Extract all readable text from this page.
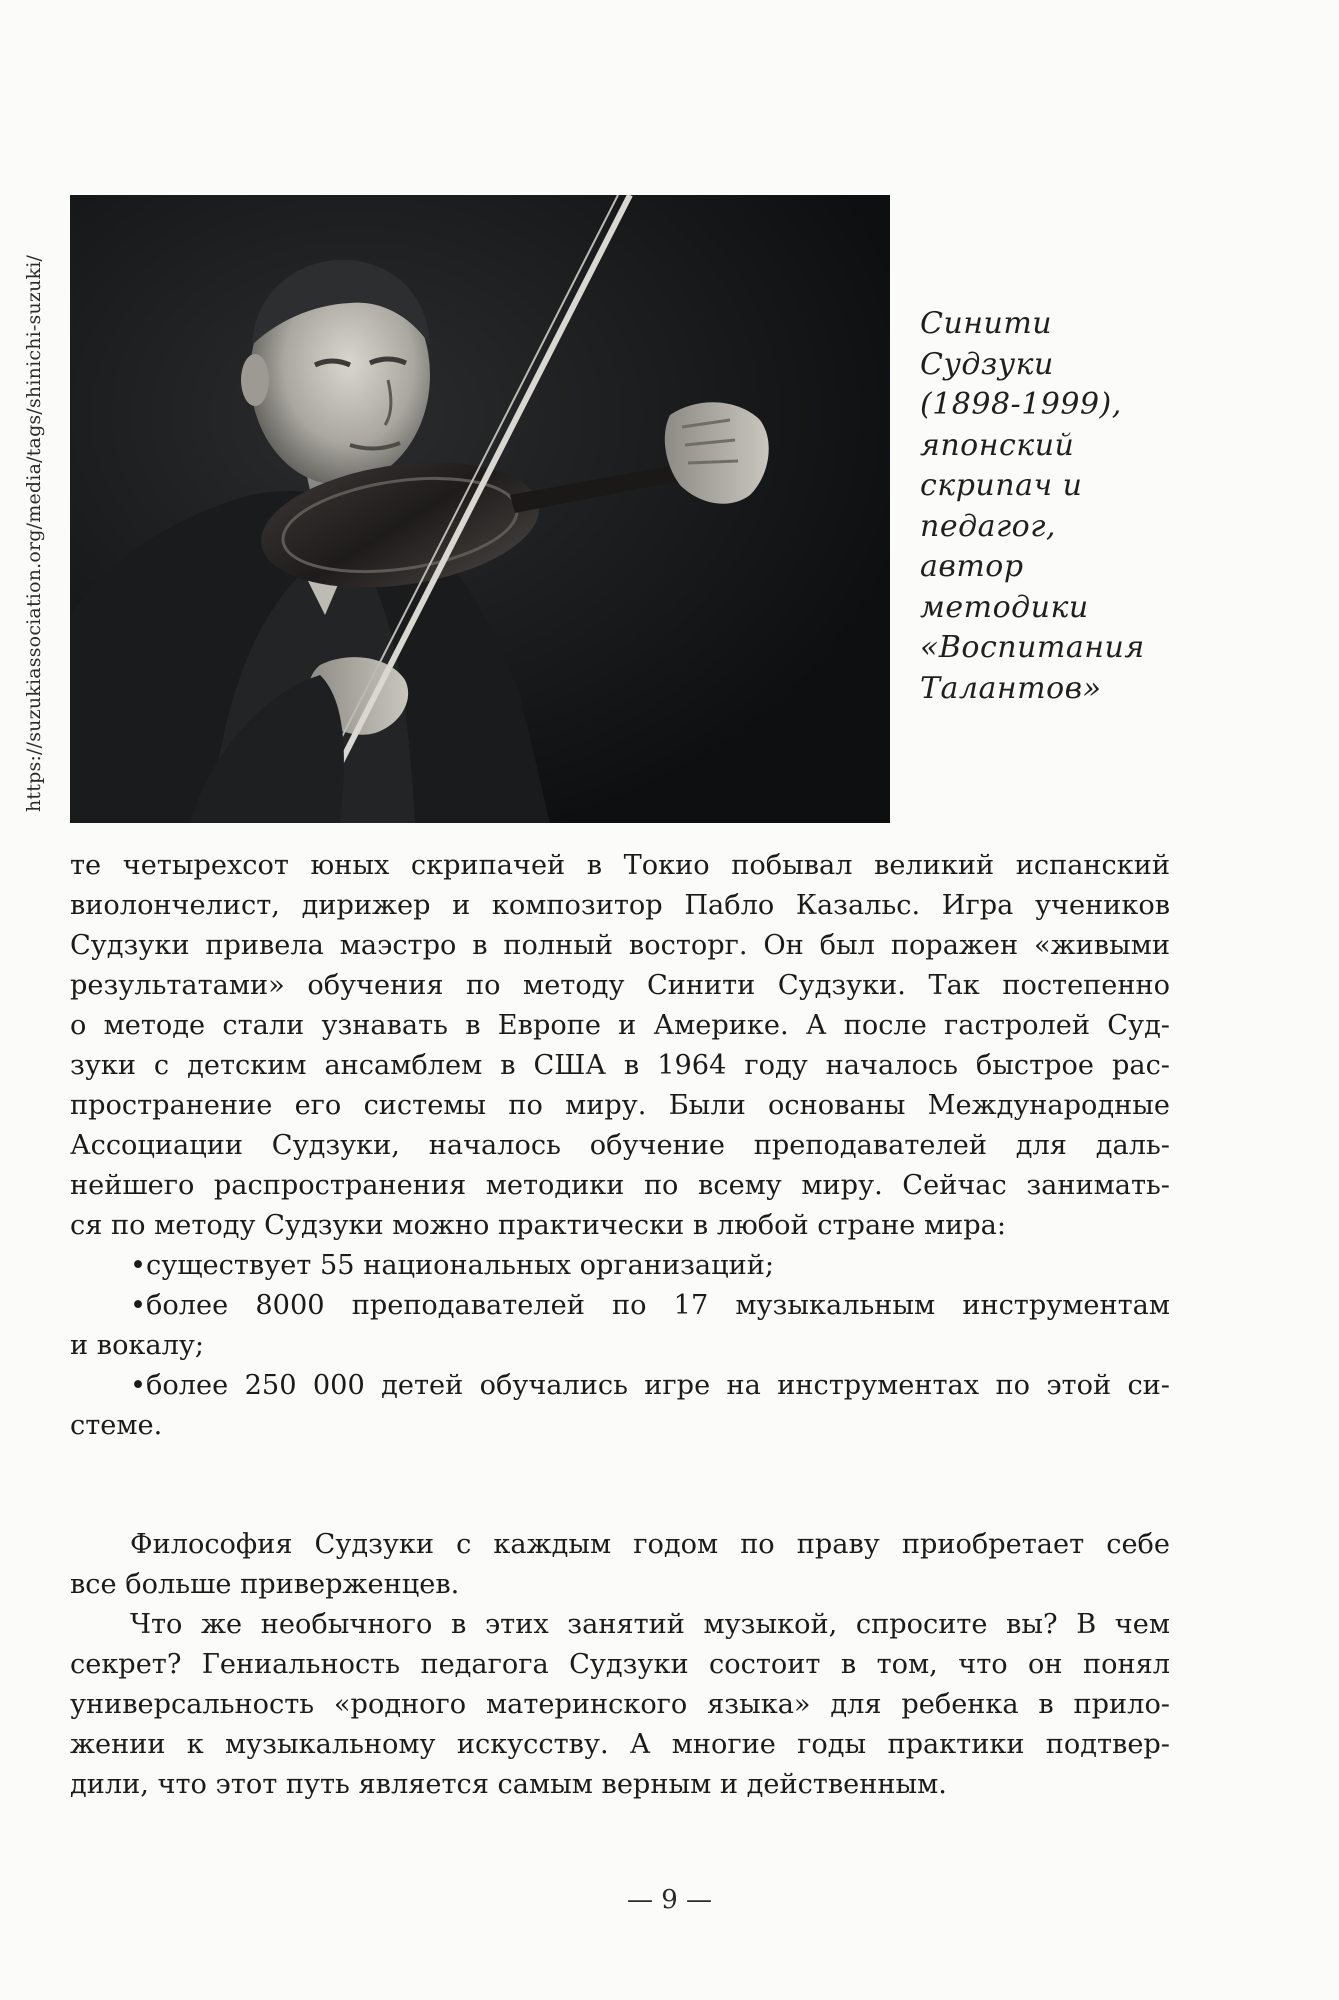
https://suzukiassociation.org/media/tags/shinichi-suzuki/	Синити
Судзуки
(1898-1999),
японский
скрипач и
педагог,
автор
методики
«Воспитания
Талантов»
те четырехсот юных скрипачей в Токио побывал великий испанский
виолончелист, дирижер и композитор Пабло Казальс. Игра учеников
Судзуки привела маэстро в полный восторг. Он был поражен «живыми
результатами» обучения по методу Синити Судзуки. Так постепенно
о методе стали узнавать в Европе и Америке. А после гастролей Суд-
зуки с детским ансамблем в США в 1964 году началось быстрое рас-
пространение его системы по миру. Были основаны Международные
Ассоциации Судзуки, началось обучение преподавателей для даль-
нейшего распространения методики по всему миру. Сейчас занимать-
ся по методу Судзуки можно практически в любой стране мира:
•существует 55 национальных организаций;
•более 8000 преподавателей по 17 музыкальным инструментам
и вокалу;
•более 250 000 детей обучались игре на инструментах по этой си-
стеме.
Философия Судзуки с каждым годом по праву приобретает себе
все больше приверженцев.
Что же необычного в этих занятий музыкой, спросите вы? В чем
секрет? Гениальность педагога Судзуки состоит в том, что он понял
универсальность «родного материнского языка» для ребенка в прило-
жении к музыкальному искусству. А многие годы практики подтвер-
дили, что этот путь является самым верным и действенным.
— 9 —
